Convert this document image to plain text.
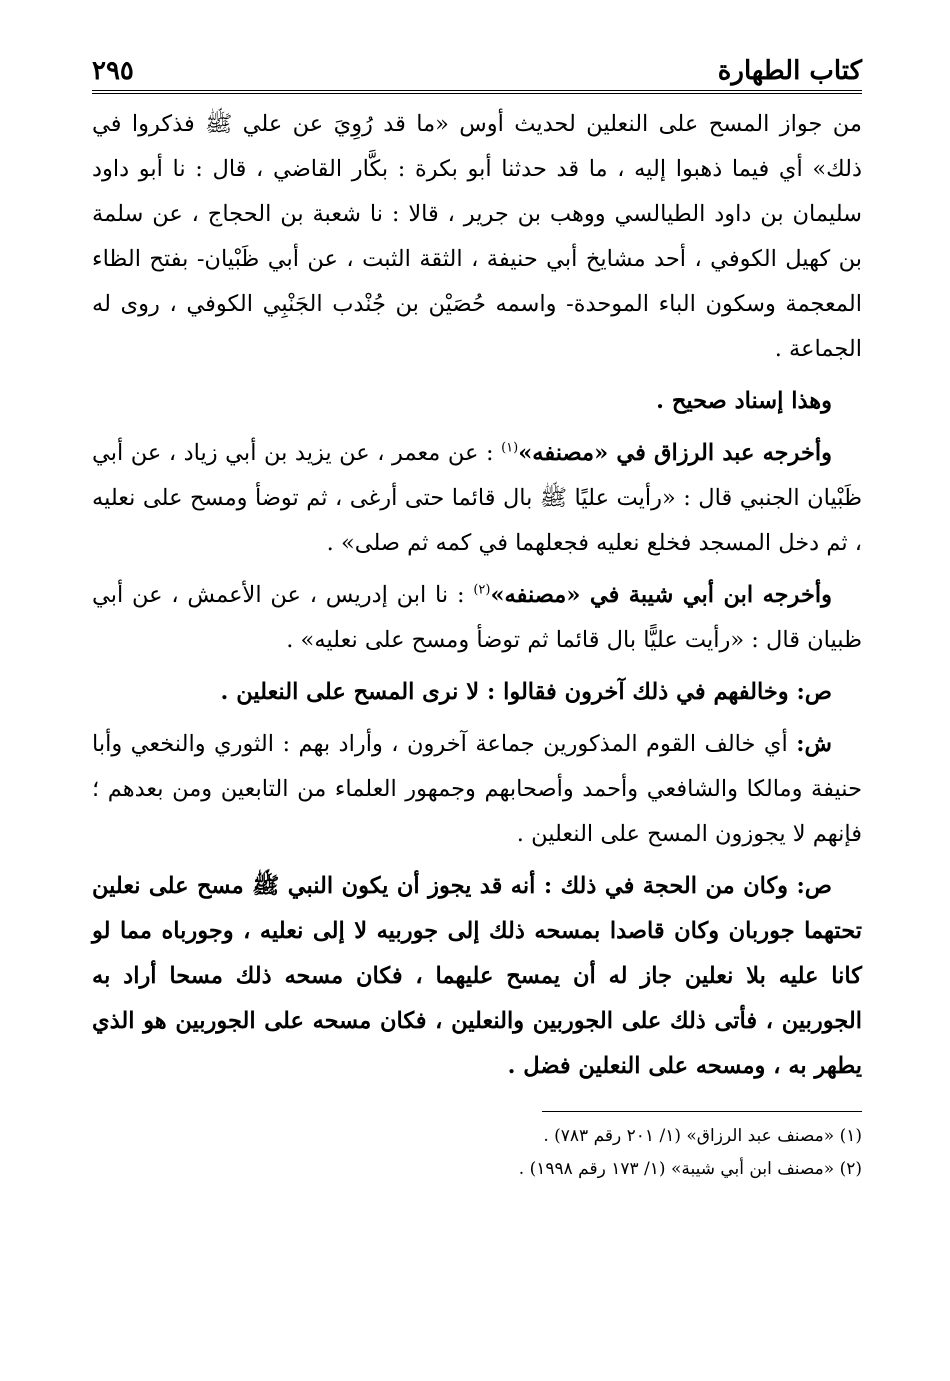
كتاب الطهارة
٢٩٥

من جواز المسح على النعلين لحديث أوس «ما قد رُوِيَ عن علي ﷺ فذكروا في ذلك» أي فيما ذهبوا إليه ، ما قد حدثنا أبو بكرة : بكَّار القاضي ، قال : نا أبو داود سليمان بن داود الطيالسي ووهب بن جرير ، قالا : نا شعبة بن الحجاج ، عن سلمة بن كهيل الكوفي ، أحد مشايخ أبي حنيفة ، الثقة الثبت ، عن أبي ظَبْيان- بفتح الظاء المعجمة وسكون الباء الموحدة- واسمه حُصَيْن بن جُنْدب الجَنْبِي الكوفي ، روى له الجماعة .

وهذا إسناد صحيح .

وأخرجه عبد الرزاق في «مصنفه»$^{(١)}$ : عن معمر ، عن يزيد بن أبي زياد ، عن أبي ظَبْيان الجنبي قال : «رأيت عليًا ﷺ بال قائما حتى أرغى ، ثم توضأ ومسح على نعليه ، ثم دخل المسجد فخلع نعليه فجعلهما في كمه ثم صلى» .

وأخرجه ابن أبي شيبة في «مصنفه»$^{(٢)}$ : نا ابن إدريس ، عن الأعمش ، عن أبي ظبيان قال : «رأيت عليًّا بال قائما ثم توضأ ومسح على نعليه» .

ص: وخالفهم في ذلك آخرون فقالوا : لا نرى المسح على النعلين .

ش: أي خالف القوم المذكورين جماعة آخرون ، وأراد بهم : الثوري والنخعي وأبا حنيفة ومالكا والشافعي وأحمد وأصحابهم وجمهور العلماء من التابعين ومن بعدهم ؛ فإنهم لا يجوزون المسح على النعلين .

ص: وكان من الحجة في ذلك : أنه قد يجوز أن يكون النبي ﷺ مسح على نعلين تحتهما جوربان وكان قاصدا بمسحه ذلك إلى جوربيه لا إلى نعليه ، وجورباه مما لو كانا عليه بلا نعلين جاز له أن يمسح عليهما ، فكان مسحه ذلك مسحا أراد به الجوربين ، فأتى ذلك على الجوربين والنعلين ، فكان مسحه على الجوربين هو الذي يطهر به ، ومسحه على النعلين فضل .

(١) «مصنف عبد الرزاق» (١/ ٢٠١ رقم ٧٨٣) .

(٢) «مصنف ابن أبي شيبة» (١/ ١٧٣ رقم ١٩٩٨) .
